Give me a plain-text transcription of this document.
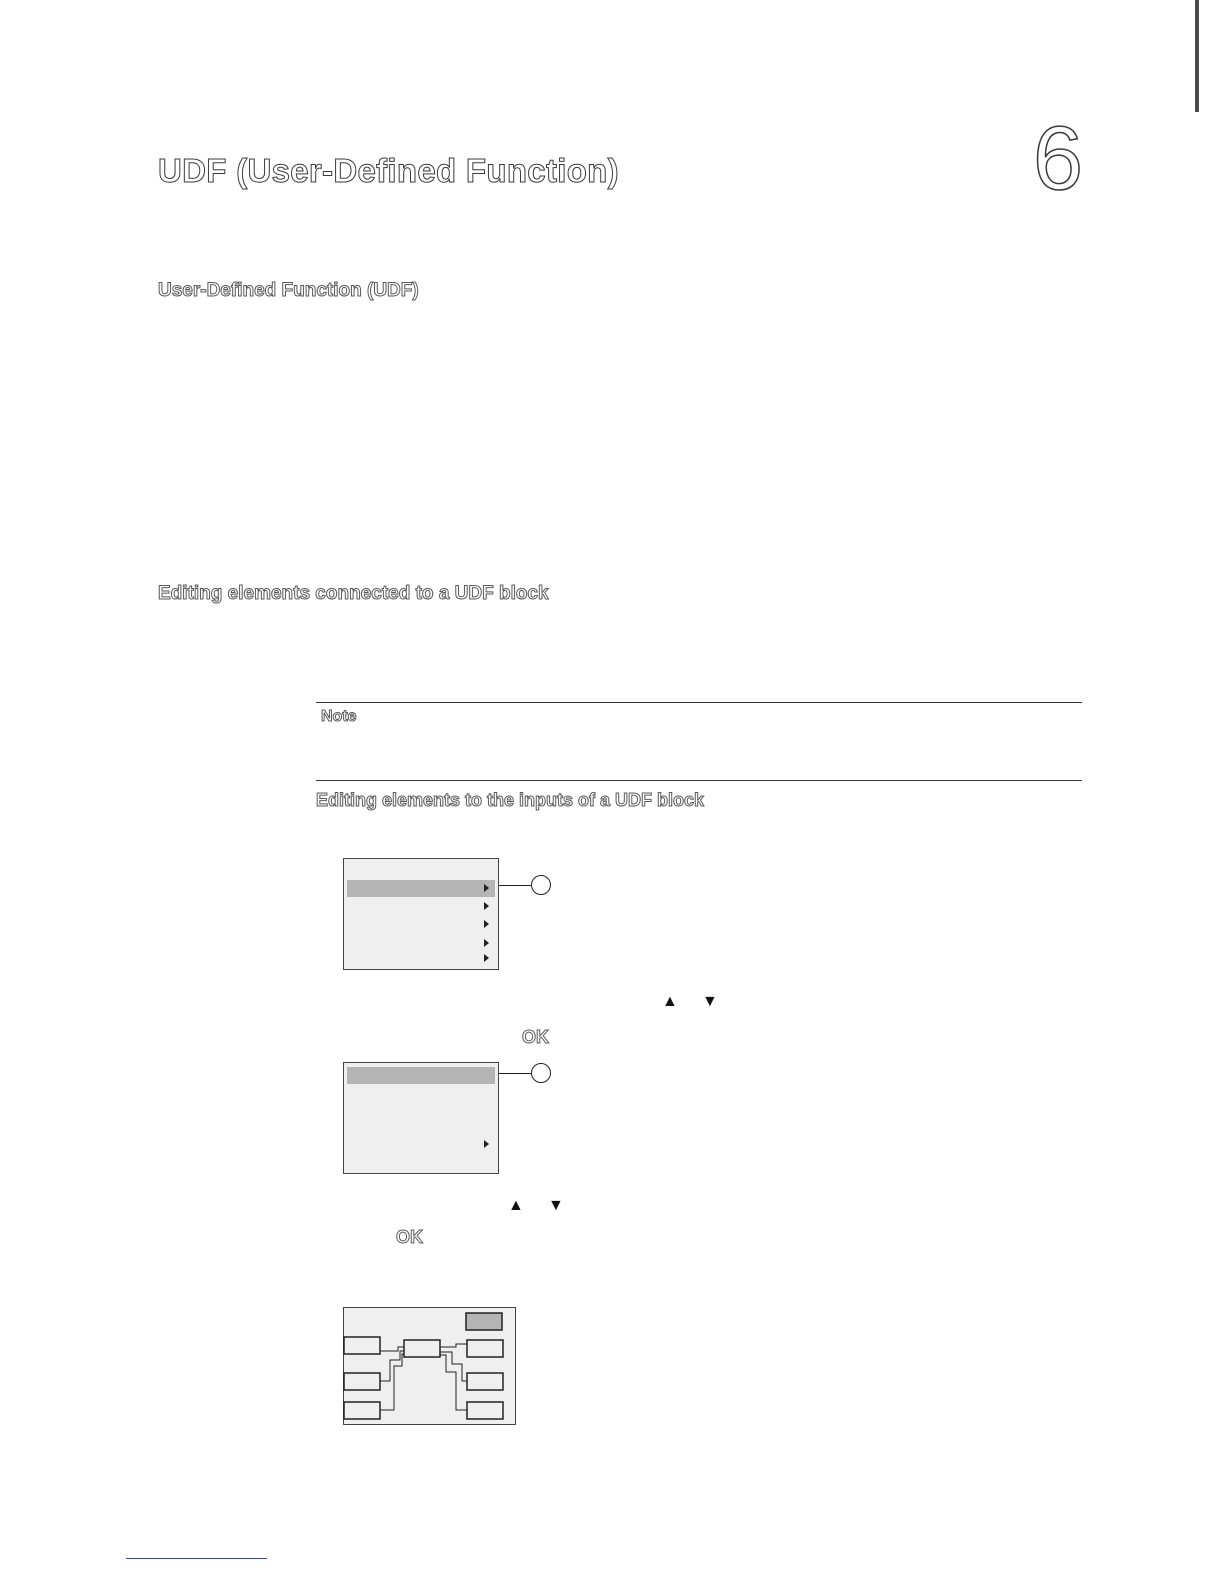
UDF (User-Defined Function)	6
User-Defined Function (UDF)
Editing elements connected to a UDF block
Note
Editing elements to the inputs of a UDF block
▲ ▼
OK
▲ ▼
OK
